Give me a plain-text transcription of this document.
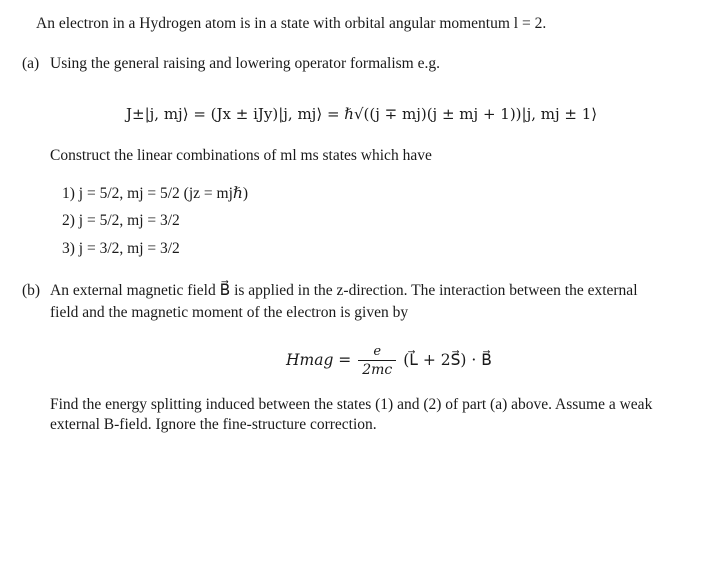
An electron in a Hydrogen atom is in a state with orbital angular momentum l = 2.
(a) Using the general raising and lowering operator formalism e.g.
J±|j, mj⟩ = (Jx ± iJy)|j, mj⟩ = ℏ√((j ∓ mj)(j ± mj + 1))|j, mj ± 1⟩
Construct the linear combinations of ml ms states which have
1) j = 5/2, mj = 5/2 (jz = mjℏ)
2) j = 5/2, mj = 3/2
3) j = 3/2, mj = 3/2
(b) An external magnetic field B⃗ is applied in the z-direction. The interaction between the external
field and the magnetic moment of the electron is given by
Hmag = $\frac{e}{2mc}$ (L⃗ + 2S⃗) · B⃗
Find the energy splitting induced between the states (1) and (2) of part (a) above. Assume a weak
external B-field. Ignore the fine-structure correction.
